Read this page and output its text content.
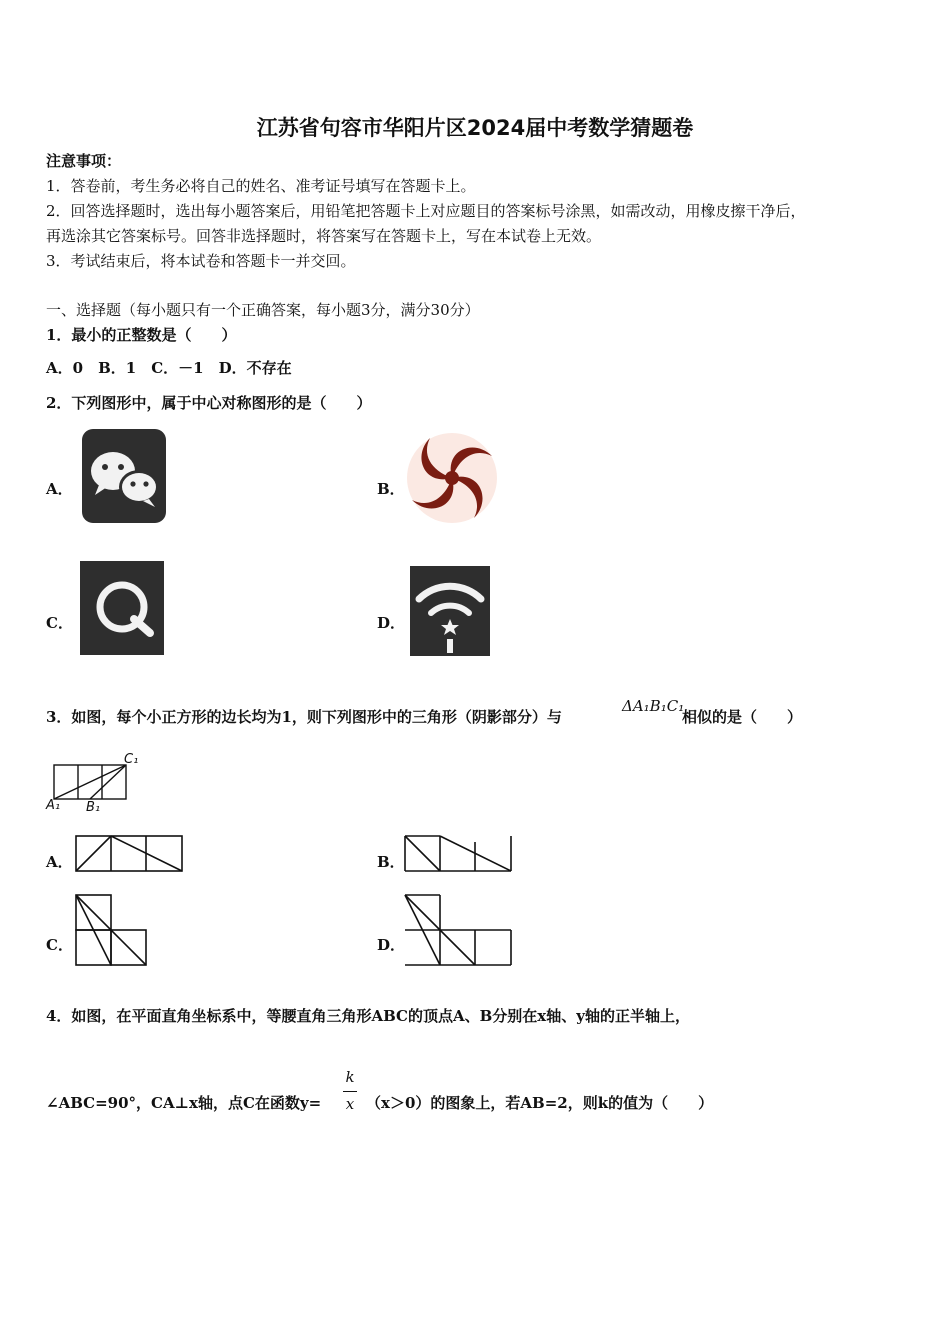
江苏省句容市华阳片区2024届中考数学猜题卷
注意事项：
1．答卷前，考生务必将自己的姓名、准考证号填写在答题卡上。
2．回答选择题时，选出每小题答案后，用铅笔把答题卡上对应题目的答案标号涂黑，如需改动，用橡皮擦干净后，
再选涂其它答案标号。回答非选择题时，将答案写在答题卡上，写在本试卷上无效。
3．考试结束后，将本试卷和答题卡一并交回。
一、选择题（每小题只有一个正确答案，每小题3分，满分30分）
1．最小的正整数是（　　）
A．0　B．1　C．－1　D．不存在
2．下列图形中，属于中心对称图形的是（　　）
A．	B．
C．	D．
3．如图，每个小正方形的边长均为1，则下列图形中的三角形（阴影部分）与
ΔA₁B₁C₁
相似的是（　　）
C₁
A₁ B₁
A．	B．
C．	D．
4．如图，在平面直角坐标系中，等腰直角三角形ABC的顶点A、B分别在x轴、y轴的正半轴上，
∠ABC=90°，CA⊥x轴，点C在函数y=
k
x （x＞0）的图象上，若AB=2，则k的值为（　　）
